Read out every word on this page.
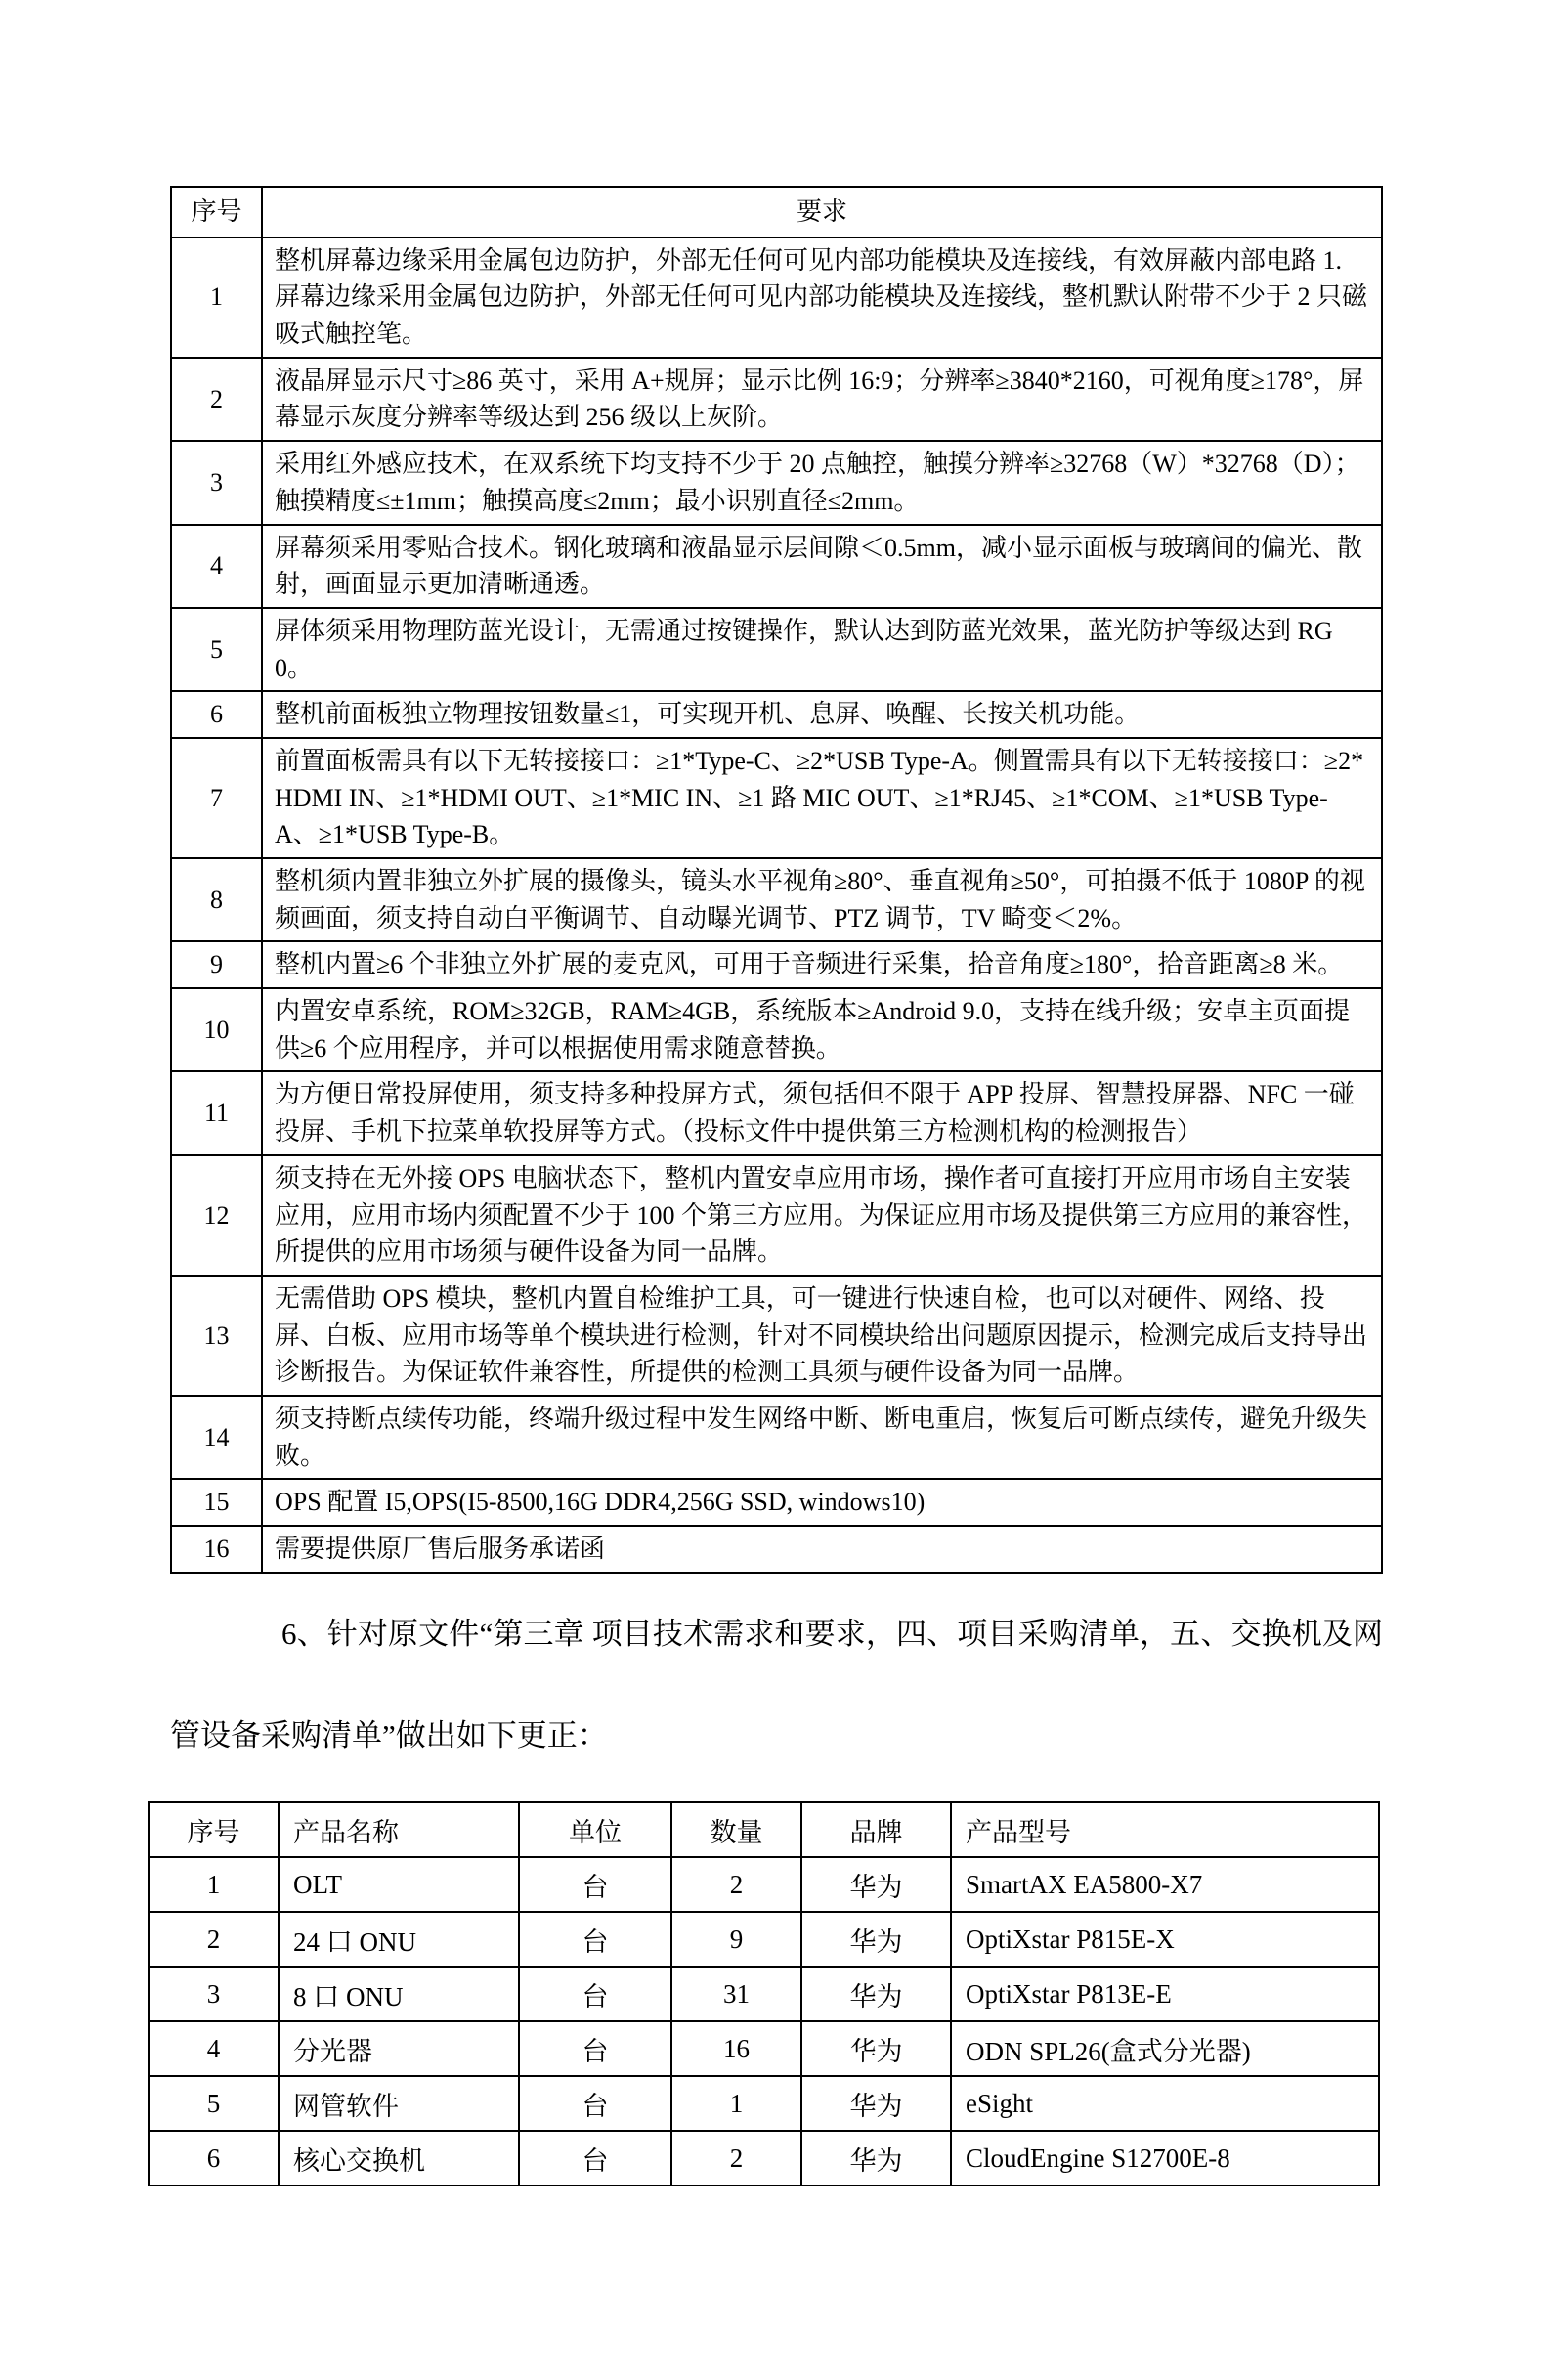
序号	要求
1	整机屏幕边缘采用金属包边防护，外部无任何可见内部功能模块及连接线，有效屏蔽内部电路 1. 屏幕边缘采用金属包边防护，外部无任何可见内部功能模块及连接线，整机默认附带不少于 2 只磁吸式触控笔。
2	液晶屏显示尺寸≥86 英寸，采用 A+规屏；显示比例 16:9；分辨率≥3840*2160，可视角度≥178°，屏幕显示灰度分辨率等级达到 256 级以上灰阶。
3	采用红外感应技术，在双系统下均支持不少于 20 点触控，触摸分辨率≥32768（W）*32768（D）；触摸精度≤±1mm；触摸高度≤2mm；最小识别直径≤2mm。
4	屏幕须采用零贴合技术。钢化玻璃和液晶显示层间隙＜0.5mm，减小显示面板与玻璃间的偏光、散射，画面显示更加清晰通透。
5	屏体须采用物理防蓝光设计，无需通过按键操作，默认达到防蓝光效果，蓝光防护等级达到 RG0。
6	整机前面板独立物理按钮数量≤1，可实现开机、息屏、唤醒、长按关机功能。
7	前置面板需具有以下无转接接口：≥1*Type-C、≥2*USB Type-A。侧置需具有以下无转接接口：≥2*HDMI IN、≥1*HDMI OUT、≥1*MIC IN、≥1 路 MIC OUT、≥1*RJ45、≥1*COM、≥1*USB Type-A、≥1*USB Type-B。
8	整机须内置非独立外扩展的摄像头，镜头水平视角≥80°、垂直视角≥50°，可拍摄不低于 1080P 的视频画面，须支持自动白平衡调节、自动曝光调节、PTZ 调节，TV 畸变＜2%。
9	整机内置≥6 个非独立外扩展的麦克风，可用于音频进行采集，拾音角度≥180°，拾音距离≥8 米。
10	内置安卓系统，ROM≥32GB，RAM≥4GB，系统版本≥Android 9.0，支持在线升级；安卓主页面提供≥6 个应用程序，并可以根据使用需求随意替换。
11	为方便日常投屏使用，须支持多种投屏方式，须包括但不限于 APP 投屏、智慧投屏器、NFC 一碰投屏、手机下拉菜单软投屏等方式。（投标文件中提供第三方检测机构的检测报告）
12	须支持在无外接 OPS 电脑状态下，整机内置安卓应用市场，操作者可直接打开应用市场自主安装应用，应用市场内须配置不少于 100 个第三方应用。为保证应用市场及提供第三方应用的兼容性，所提供的应用市场须与硬件设备为同一品牌。
13	无需借助 OPS 模块，整机内置自检维护工具，可一键进行快速自检，也可以对硬件、网络、投屏、白板、应用市场等单个模块进行检测，针对不同模块给出问题原因提示，检测完成后支持导出诊断报告。为保证软件兼容性，所提供的检测工具须与硬件设备为同一品牌。
14	须支持断点续传功能，终端升级过程中发生网络中断、断电重启，恢复后可断点续传，避免升级失败。
15	OPS 配置 I5,OPS(I5-8500,16G DDR4,256G SSD, windows10)
16	需要提供原厂售后服务承诺函

6、针对原文件“第三章 项目技术需求和要求，四、项目采购清单，五、交换机及网管设备采购清单”做出如下更正：

序号	产品名称	单位	数量	品牌	产品型号
1	OLT	台	2	华为	SmartAX EA5800-X7
2	24 口 ONU	台	9	华为	OptiXstar P815E-X
3	8 口 ONU	台	31	华为	OptiXstar P813E-E
4	分光器	台	16	华为	ODN SPL26(盒式分光器)
5	网管软件	台	1	华为	eSight
6	核心交换机	台	2	华为	CloudEngine S12700E-8
